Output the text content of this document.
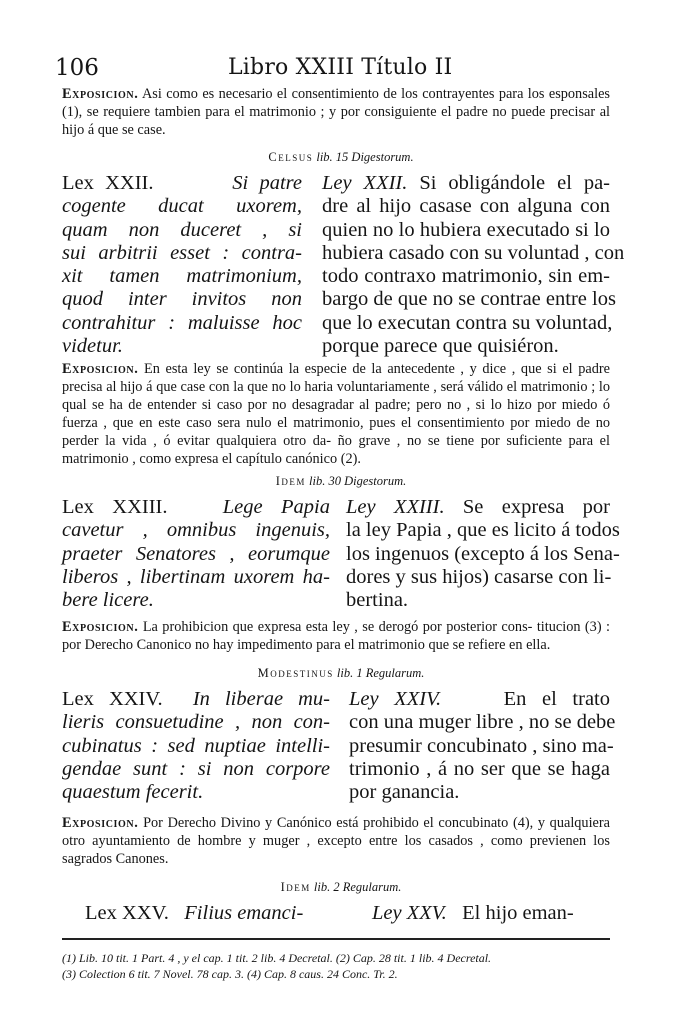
106	Libro XXIII Título II
Exposicion. Asi como es necesario el consentimiento de los contrayentes para los esponsales (1), se requiere tambien para el matrimonio ; y por consiguiente el padre no puede precisar al hijo á que se case.
Celsus lib. 15 Digestorum.
Lex XXII.	Si patre
cogente ducat uxorem,
quam non duceret , si
sui arbitrii esset : contra-
xit tamen matrimonium,
quod inter invitos non
contrahitur : maluisse hoc
videtur.
Ley XXII. Si obligándole el pa-
dre al hijo casase con alguna con
quien no lo hubiera executado si lo
hubiera casado con su voluntad , con
todo contraxo matrimonio, sin em-
bargo de que no se contrae entre los
que lo executan contra su voluntad,
porque parece que quisiéron.
Exposicion. En esta ley se continúa la especie de la antecedente , y dice , que si el padre precisa al hijo á que case con la que no lo haria voluntariamente , será válido el matrimonio ; lo qual se ha de entender si caso por no desagradar al padre; pero no , si lo hizo por miedo ó fuerza , que en este caso sera nulo el matrimonio, pues el consentimiento por miedo de no perder la vida , ó evitar qualquiera otro da- ño grave , no se tiene por suficiente para el matrimonio , como expresa el capítulo canónico (2).
Idem lib. 30 Digestorum.
Lex XXIII.	Lege Papia
cavetur , omnibus ingenuis,
praeter Senatores , eorumque
liberos , libertinam uxorem ha-
bere licere.
Ley XXIII. Se expresa por
la ley Papia , que es licito á todos
los ingenuos (excepto á los Sena-
dores y sus hijos) casarse con li-
bertina.
Exposicion. La prohibicion que expresa esta ley , se derogó por posterior cons- titucion (3) : por Derecho Canonico no hay impedimento para el matrimonio que se refiere en ella.
Modestinus lib. 1 Regularum.
Lex XXIV. In liberae mu-
lieris consuetudine , non con-
cubinatus : sed nuptiae intelli-
gendae sunt : si non corpore
quaestum fecerit.
Ley XXIV.	En el trato
con una muger libre , no se debe
presumir concubinato , sino ma-
trimonio , á no ser que se haga
por ganancia.
Exposicion. Por Derecho Divino y Canónico está prohibido el concubinato (4), y qualquiera otro ayuntamiento de hombre y muger , excepto entre los casados , como previenen los sagrados Canones.
Idem lib. 2 Regularum.
Lex XXV. Filius emanci-	Ley XXV. El hijo eman-
(1) Lib. 10 tit. 1 Part. 4 , y el cap. 1 tit. 2 lib. 4 Decretal. (2) Cap. 28 tit. 1 lib. 4 Decretal.
(3) Colection 6 tit. 7 Novel. 78 cap. 3. (4) Cap. 8 caus. 24 Conc. Tr. 2.
